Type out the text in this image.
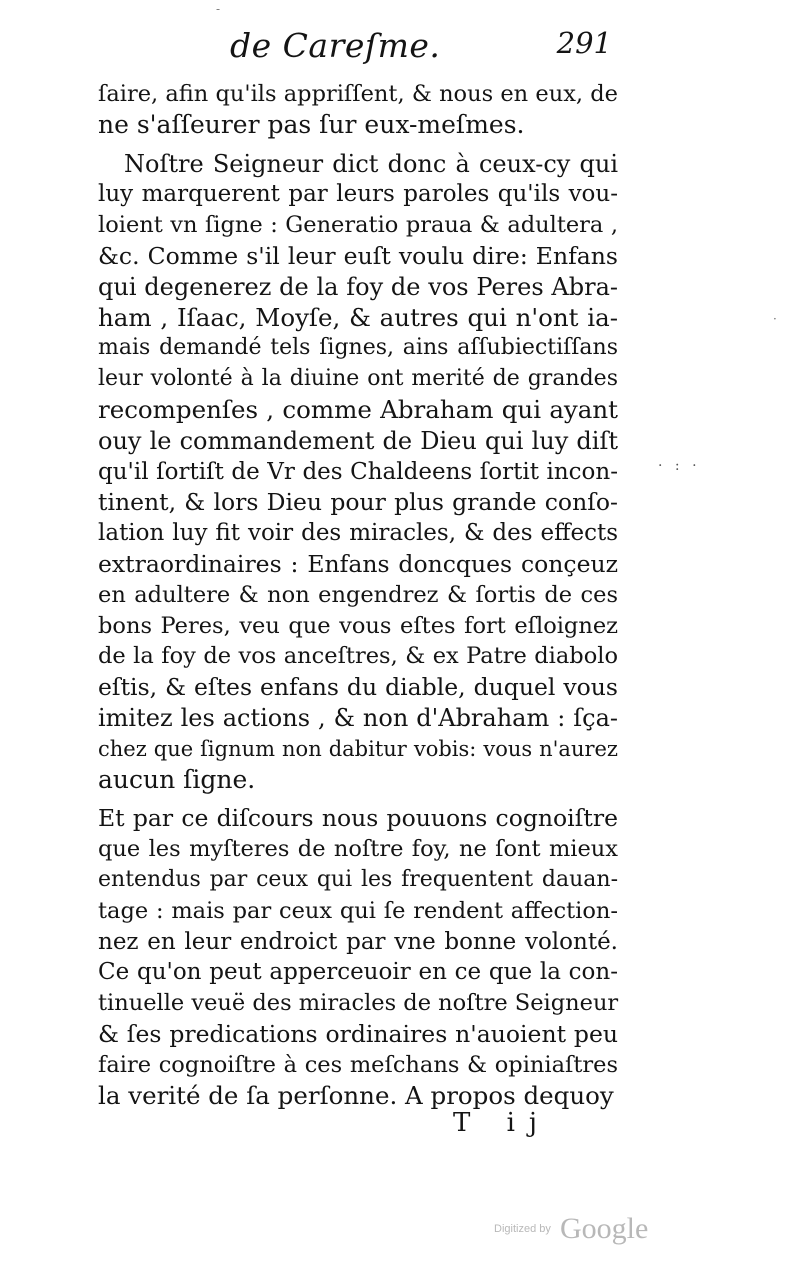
de Careſme.	291
ſaire, afin qu'ils appriſſent, & nous en eux, de
ne s'aſſeurer pas ſur eux-meſmes.
Noſtre Seigneur dict donc à ceux-cy qui
luy marquerent par leurs paroles qu'ils vou-
loient vn ſigne : Generatio praua & adultera ,
&c. Comme s'il leur euſt voulu dire: Enfans
qui degenerez de la foy de vos Peres Abra-
ham , Iſaac, Moyſe, & autres qui n'ont ia-
mais demandé tels ſignes, ains aſſubiectiſſans
leur volonté à la diuine ont merité de grandes
recompenſes , comme Abraham qui ayant
ouy le commandement de Dieu qui luy diſt
qu'il ſortiſt de Vr des Chaldeens ſortit incon-
tinent, & lors Dieu pour plus grande conſo-
lation luy fit voir des miracles, & des effects
extraordinaires : Enfans doncques conçeuz
en adultere & non engendrez & ſortis de ces
bons Peres, veu que vous eſtes fort eſloignez
de la foy de vos anceſtres, & ex Patre diabolo
eſtis, & eſtes enfans du diable, duquel vous
imitez les actions , & non d'Abraham : ſça-
chez que ſignum non dabitur vobis: vous n'aurez
aucun ſigne.
Et par ce diſcours nous pouuons cognoiſtre
que les myſteres de noſtre foy, ne ſont mieux
entendus par ceux qui les frequentent dauan-
tage : mais par ceux qui ſe rendent affection-
nez en leur endroict par vne bonne volonté.
Ce qu'on peut apperceuoir en ce que la con-
tinuelle veuë des miracles de noſtre Seigneur
& ſes predications ordinaires n'auoient peu
faire cognoiſtre à ces meſchans & opiniaſtres
la verité de ſa perſonne. A propos dequoy
T ij
· : ·
·
-
Digitized by Google
